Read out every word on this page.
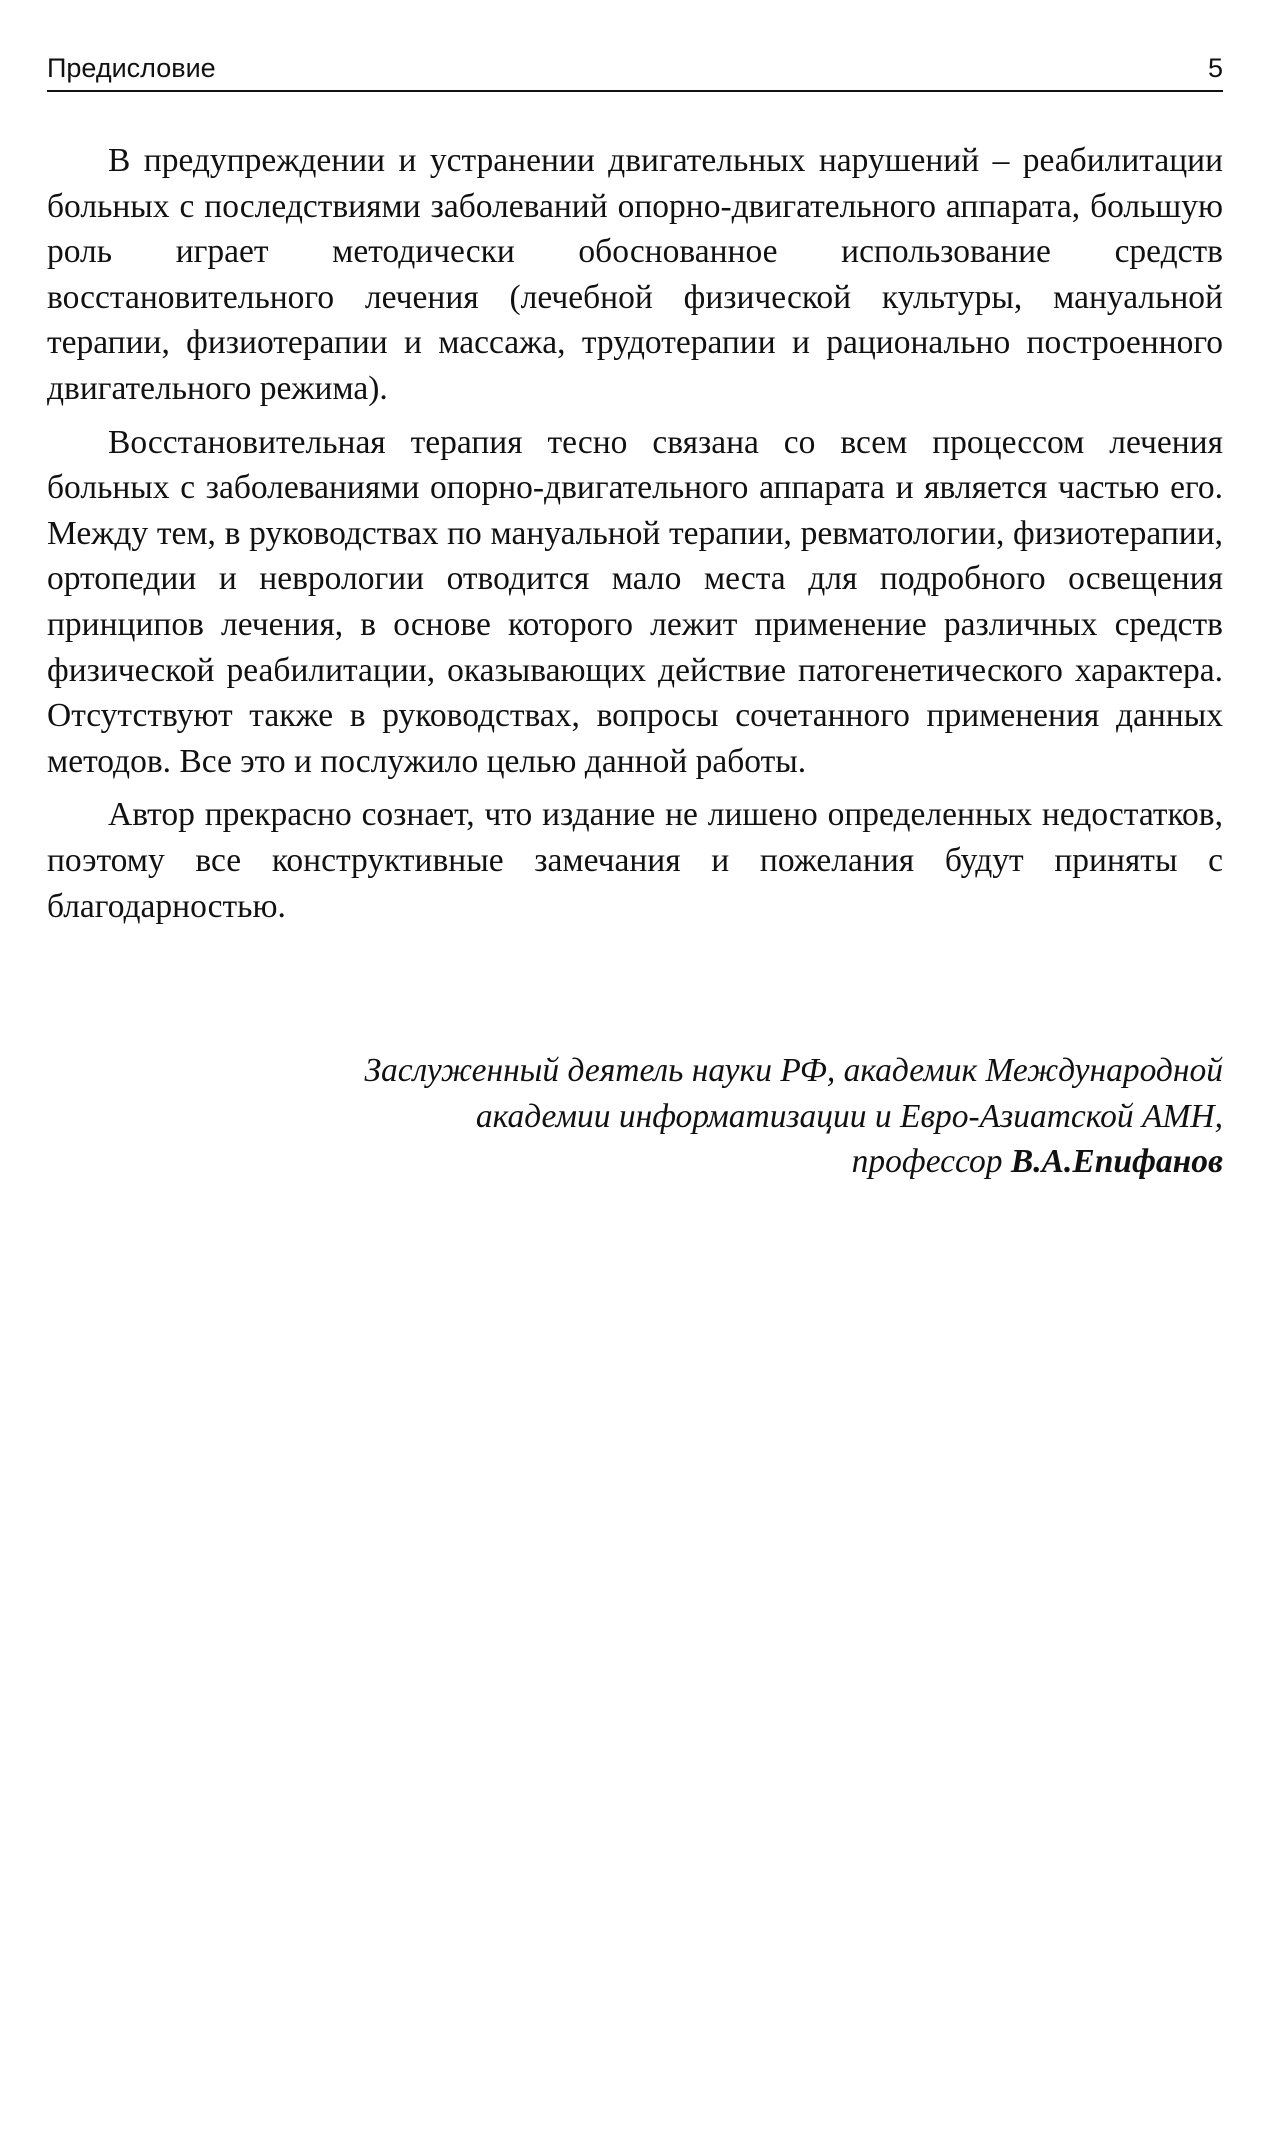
Предисловие	5

В предупреждении и устранении двигательных нарушений – реабилитации больных с последствиями заболеваний опорно-двигательного аппарата, большую роль играет методически обоснованное использование средств восстановительного лечения (лечебной физической культуры, мануальной терапии, физиотерапии и массажа, трудотерапии и рационально построенного двигательного режима).

Восстановительная терапия тесно связана со всем процессом лечения больных с заболеваниями опорно-двигательного аппарата и является частью его. Между тем, в руководствах по мануальной терапии, ревматологии, физиотерапии, ортопедии и неврологии отводится мало места для подробного освещения принципов лечения, в основе которого лежит применение различных средств физической реабилитации, оказывающих действие патогенетического характера. Отсутствуют также в руководствах, вопросы сочетанного применения данных методов. Все это и послужило целью данной работы.

Автор прекрасно сознает, что издание не лишено определенных недостатков, поэтому все конструктивные замечания и пожелания будут приняты с благодарностью.

Заслуженный деятель науки РФ, академик Международной
академии информатизации и Евро-Азиатской АМН,
профессор В.А.Епифанов
